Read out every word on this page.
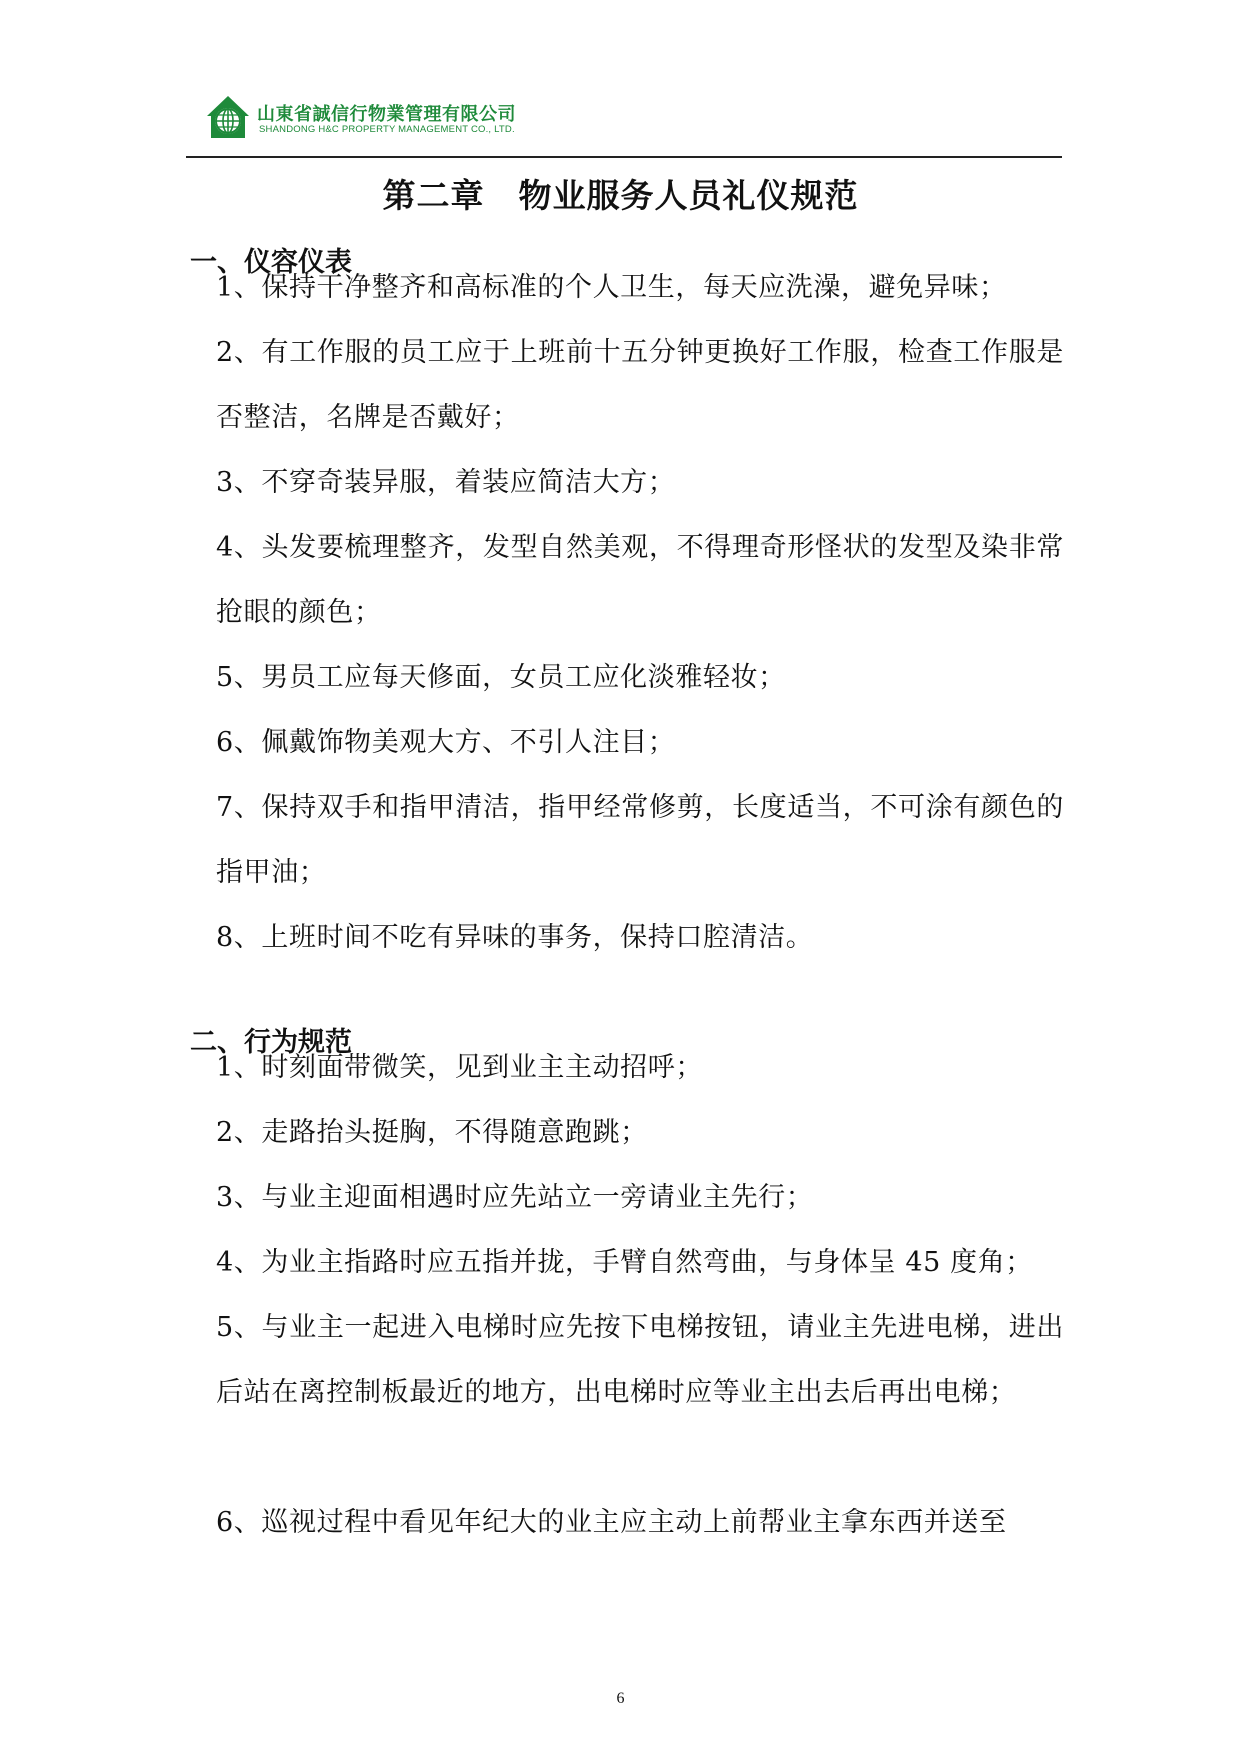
山東省誠信行物業管理有限公司
SHANDONG H&C PROPERTY MANAGEMENT CO., LTD.
第二章　物业服务人员礼仪规范
一、仪容仪表
1、保持干净整齐和高标准的个人卫生，每天应洗澡，避免异味；
2、有工作服的员工应于上班前十五分钟更换好工作服，检查工作服是否整洁，名牌是否戴好；
3、不穿奇装异服，着装应简洁大方；
4、头发要梳理整齐，发型自然美观，不得理奇形怪状的发型及染非常抢眼的颜色；
5、男员工应每天修面，女员工应化淡雅轻妆；
6、佩戴饰物美观大方、不引人注目；
7、保持双手和指甲清洁，指甲经常修剪，长度适当，不可涂有颜色的指甲油；
8、上班时间不吃有异味的事务，保持口腔清洁。
二、行为规范
1、时刻面带微笑，见到业主主动招呼；
2、走路抬头挺胸，不得随意跑跳；
3、与业主迎面相遇时应先站立一旁请业主先行；
4、为业主指路时应五指并拢，手臂自然弯曲，与身体呈 45 度角；
5、与业主一起进入电梯时应先按下电梯按钮，请业主先进电梯，进出后站在离控制板最近的地方，出电梯时应等业主出去后再出电梯；
6、巡视过程中看见年纪大的业主应主动上前帮业主拿东西并送至
6
